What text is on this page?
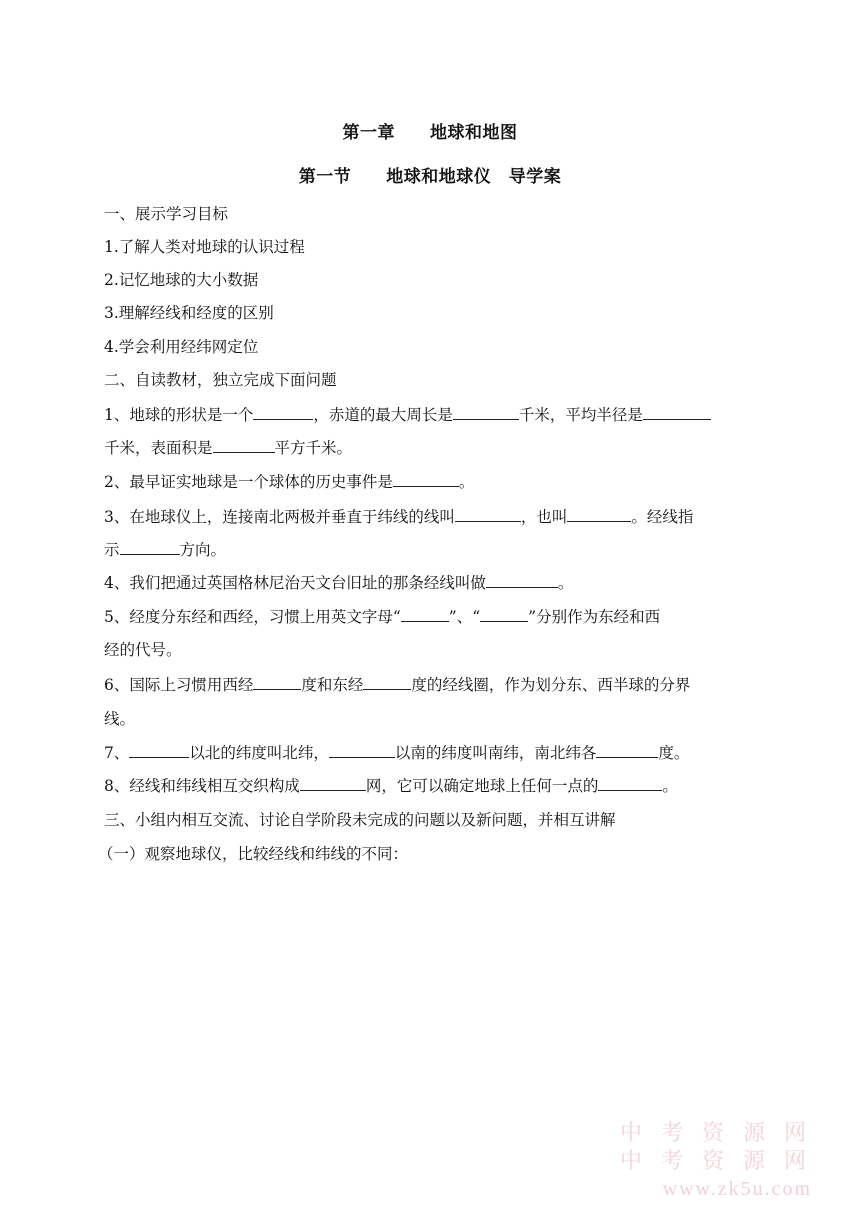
第一章　　地球和地图
第一节　　地球和地球仪　导学案
一、展示学习目标
1.了解人类对地球的认识过程
2.记忆地球的大小数据
3.理解经线和经度的区别
4.学会利用经纬网定位
二、自读教材，独立完成下面问题
1、地球的形状是一个	，赤道的最大周长是	千米，平均半径是
千米，表面积是	平方千米。
2、最早证实地球是一个球体的历史事件是	。
3、在地球仪上，连接南北两极并垂直于纬线的线叫	，也叫	。经线指
示	方向。
4、我们把通过英国格林尼治天文台旧址的那条经线叫做	。
5、经度分东经和西经，习惯上用英文字母“	”、“	”分别作为东经和西
经的代号。
6、国际上习惯用西经	度和东经	度的经线圈，作为划分东、西半球的分界
线。
7、	以北的纬度叫北纬，	以南的纬度叫南纬，南北纬各	度。
8、经线和纬线相互交织构成	网，它可以确定地球上任何一点的	。
三、小组内相互交流、讨论自学阶段未完成的问题以及新问题，并相互讲解
（一）观察地球仪，比较经线和纬线的不同：
中 考 资 源 网
中 考 资 源 网
www.zk5u.com
